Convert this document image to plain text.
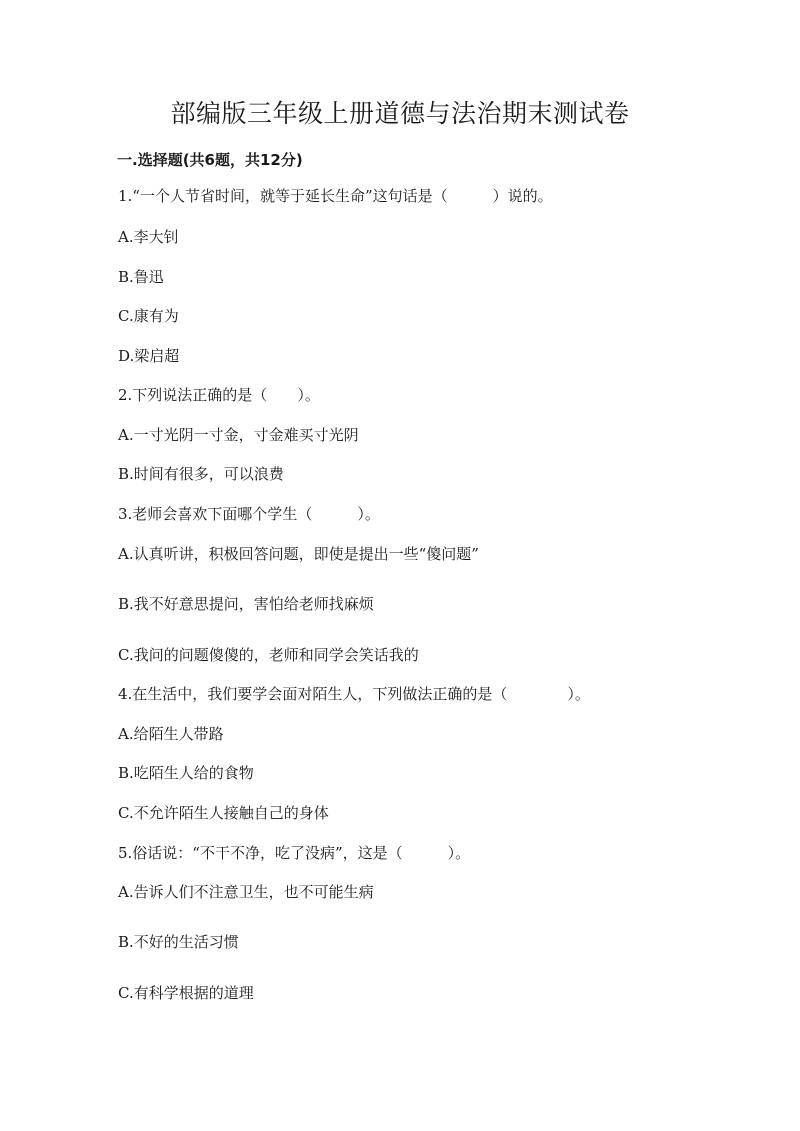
部编版三年级上册道德与法治期末测试卷
一.选择题(共6题，共12分)
1.“一个人节省时间，就等于延长生命”这句话是（　　　）说的。
A.李大钊
B.鲁迅
C.康有为
D.梁启超
2.下列说法正确的是（　　）。
A.一寸光阴一寸金，寸金难买寸光阴
B.时间有很多，可以浪费
3.老师会喜欢下面哪个学生（　　　）。
A.认真听讲，积极回答问题，即使是提出一些“傻问题”
B.我不好意思提问，害怕给老师找麻烦
C.我问的问题傻傻的，老师和同学会笑话我的
4.在生活中，我们要学会面对陌生人，下列做法正确的是（　　　　）。
A.给陌生人带路
B.吃陌生人给的食物
C.不允许陌生人接触自己的身体
5.俗话说：“不干不净，吃了没病”，这是（　　　）。
A.告诉人们不注意卫生，也不可能生病
B.不好的生活习惯
C.有科学根据的道理
